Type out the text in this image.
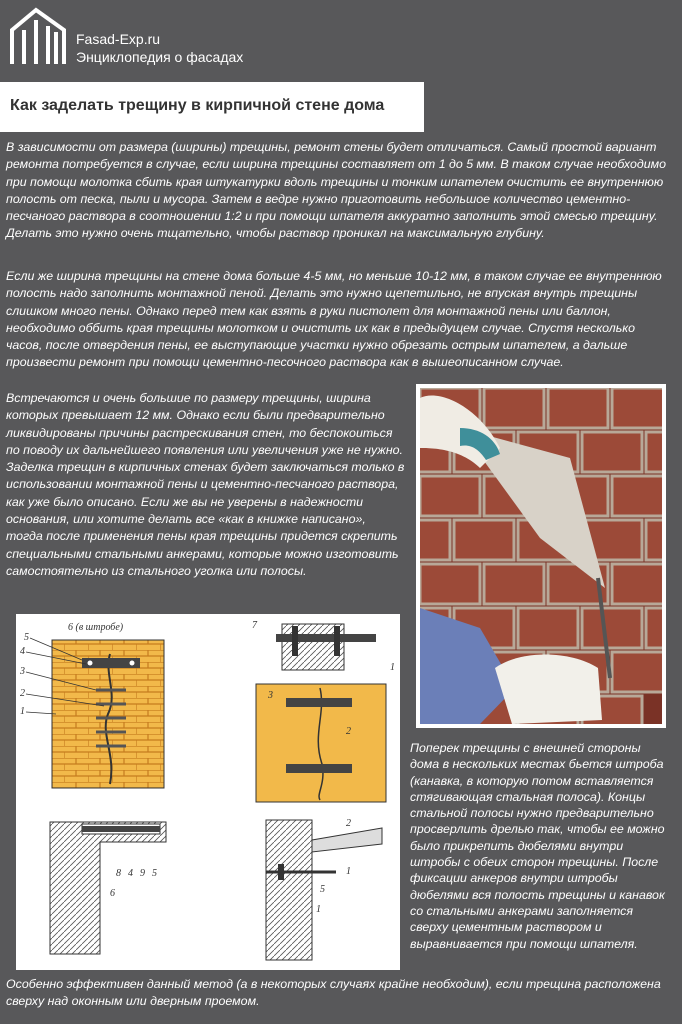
Fasad-Exp.ru
Энциклопедия о фасадах
Как заделать трещину в кирпичной стене дома

В зависимости от размера (ширины) трещины, ремонт стены будет отличаться. Самый простой вариант ремонта потребуется в случае, если ширина трещины составляет от 1 до 5 мм. В таком случае необходимо при помощи молотка сбить края штукатурки вдоль трещины и тонким шпателем очистить ее внутреннюю полость от песка, пыли и мусора. Затем в ведре нужно приготовить небольшое количество цементно-песчаного раствора в соотношении 1:2 и при помощи шпателя аккуратно заполнить этой смесью трещину. Делать это нужно очень тщательно, чтобы раствор проникал на максимальную глубину.

Если же ширина трещины на стене дома больше 4-5 мм, но меньше 10-12 мм, в таком случае ее внутреннюю полость надо заполнить монтажной пеной. Делать это нужно щепетильно, не впуская внутрь трещины слишком много пены. Однако перед тем как взять в руки пистолет для монтажной пены или баллон, необходимо оббить края трещины молотком и очистить их как в предыдущем случае. Спустя несколько часов, после отвердения пены, ее выступающие участки нужно обрезать острым шпателем, а дальше произвести ремонт при помощи цементно-песочного раствора как в вышеописанном случае.

Встречаются и очень большие по размеру трещины, ширина которых превышает 12 мм. Однако если были предварительно ликвидированы причины растрескивания стен, то беспокоиться по поводу их дальнейшего появления или увеличения уже не нужно. Заделка трещин в кирпичных стенах будет заключаться только в использовании монтажной пены и цементно-песчаного раствора, как уже было описано. Если же вы не уверены в надежности основания, или хотите делать все «как в книжке написано», тогда после применения пены края трещины придется скрепить специальными стальными анкерами, которые можно изготовить самостоятельно из стального уголка или полосы.

6 (в штробе)
5
4
3
2
1
7
3
2
1
8 4 9 5
6
2
1
5
1

Поперек трещины с внешней стороны дома в нескольких местах бьется штроба (канавка, в которую потом вставляется стягивающая стальная полоса). Концы стальной полосы нужно предварительно просверлить дрелью так, чтобы ее можно было прикрепить дюбелями внутри штробы с обеих сторон трещины. После фиксации анкеров внутри штробы дюбелями вся полость трещины и канавок со стальными анкерами заполняется сверху цементным раствором и выравнивается при помощи шпателя.

Особенно эффективен данный метод (а в некоторых случаях крайне необходим), если трещина расположена сверху над оконным или дверным проемом.
